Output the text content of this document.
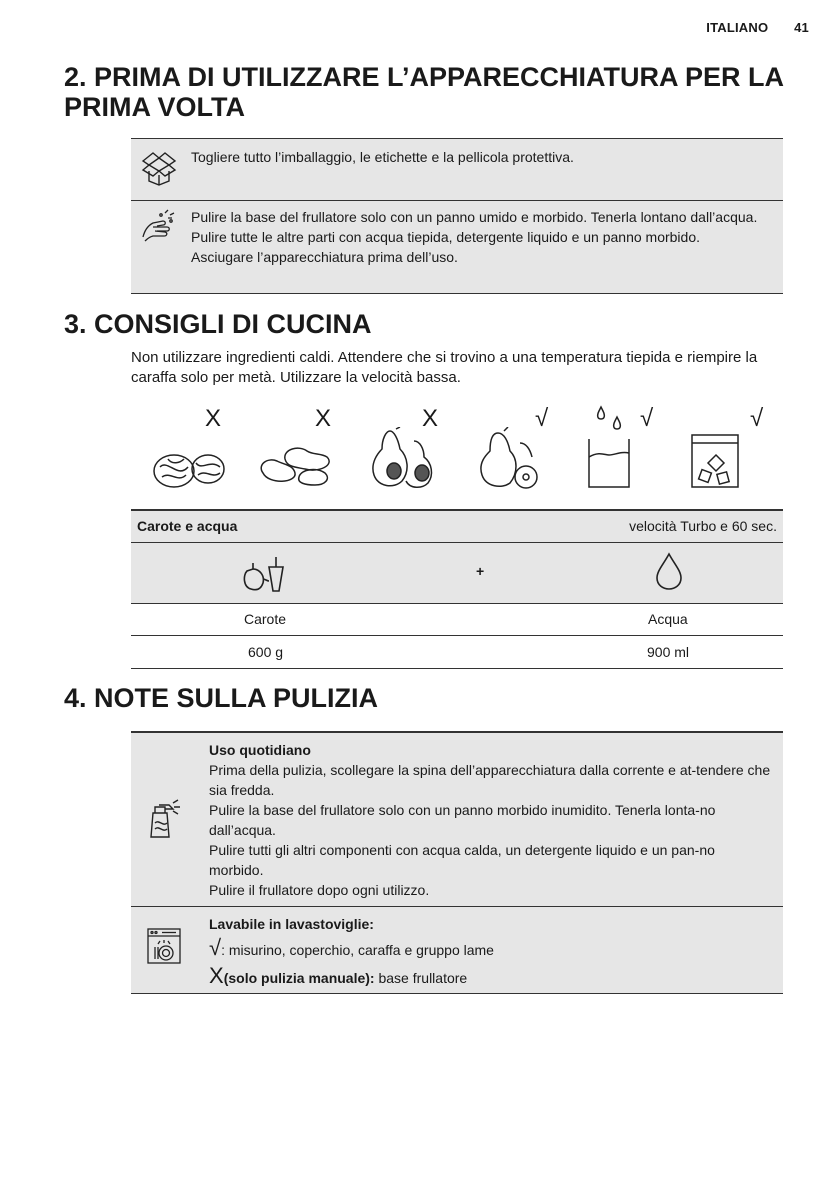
ITALIANO 41
2. PRIMA DI UTILIZZARE L’APPARECCHIATURA PER LA PRIMA VOLTA
Togliere tutto l’imballaggio, le etichette e la pellicola protettiva.
Pulire la base del frullatore solo con un panno umido e morbido. Tenerla lontano dall’acqua.
Pulire tutte le altre parti con acqua tiepida, detergente liquido e un panno morbido.
Asciugare l’apparecchiatura prima dell’uso.
3. CONSIGLI DI CUCINA
Non utilizzare ingredienti caldi. Attendere che si trovino a una temperatura tiepida e riempire la caraffa solo per metà. Utilizzare la velocità bassa.
X	X	X	√	√	√
Carote e acqua	velocità Turbo e 60 sec.
+
Carote	Acqua
600 g	900 ml
4. NOTE SULLA PULIZIA
Uso quotidiano
Prima della pulizia, scollegare la spina dell’apparecchiatura dalla corrente e at-tendere che sia fredda.
Pulire la base del frullatore solo con un panno morbido inumidito. Tenerla lonta-no dall’acqua.
Pulire tutti gli altri componenti con acqua calda, un detergente liquido e un pan-no morbido.
Pulire il frullatore dopo ogni utilizzo.
Lavabile in lavastoviglie:
√: misurino, coperchio, caraffa e gruppo lame
X(solo pulizia manuale): base frullatore
